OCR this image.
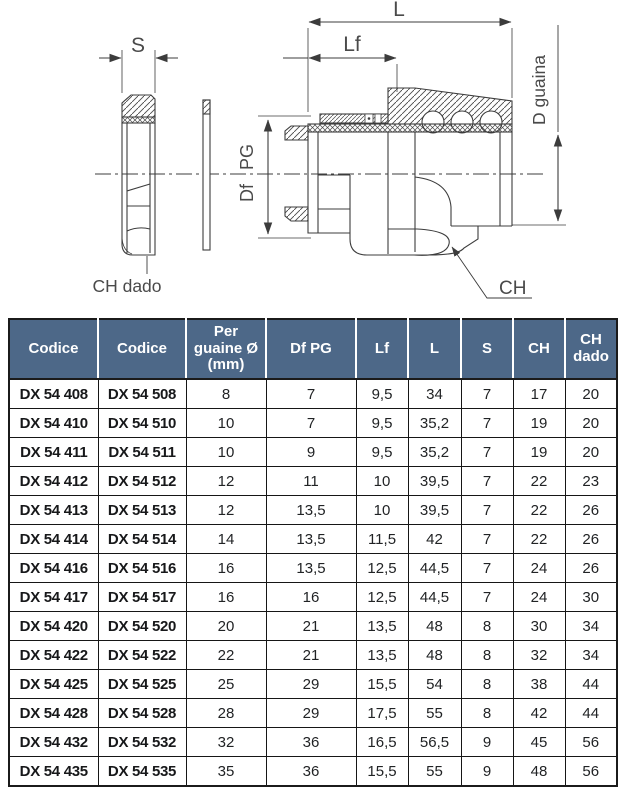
S
CH dado
PG
Df
L
Lf
D guaina
CH
Codice	Codice	Per guaine Ø (mm)	Df PG	Lf	L	S	CH	CH dado
DX 54 408	DX 54 508	8	7	9,5	34	7	17	20
DX 54 410	DX 54 510	10	7	9,5	35,2	7	19	20
DX 54 411	DX 54 511	10	9	9,5	35,2	7	19	20
DX 54 412	DX 54 512	12	11	10	39,5	7	22	23
DX 54 413	DX 54 513	12	13,5	10	39,5	7	22	26
DX 54 414	DX 54 514	14	13,5	11,5	42	7	22	26
DX 54 416	DX 54 516	16	13,5	12,5	44,5	7	24	26
DX 54 417	DX 54 517	16	16	12,5	44,5	7	24	30
DX 54 420	DX 54 520	20	21	13,5	48	8	30	34
DX 54 422	DX 54 522	22	21	13,5	48	8	32	34
DX 54 425	DX 54 525	25	29	15,5	54	8	38	44
DX 54 428	DX 54 528	28	29	17,5	55	8	42	44
DX 54 432	DX 54 532	32	36	16,5	56,5	9	45	56
DX 54 435	DX 54 535	35	36	15,5	55	9	48	56
